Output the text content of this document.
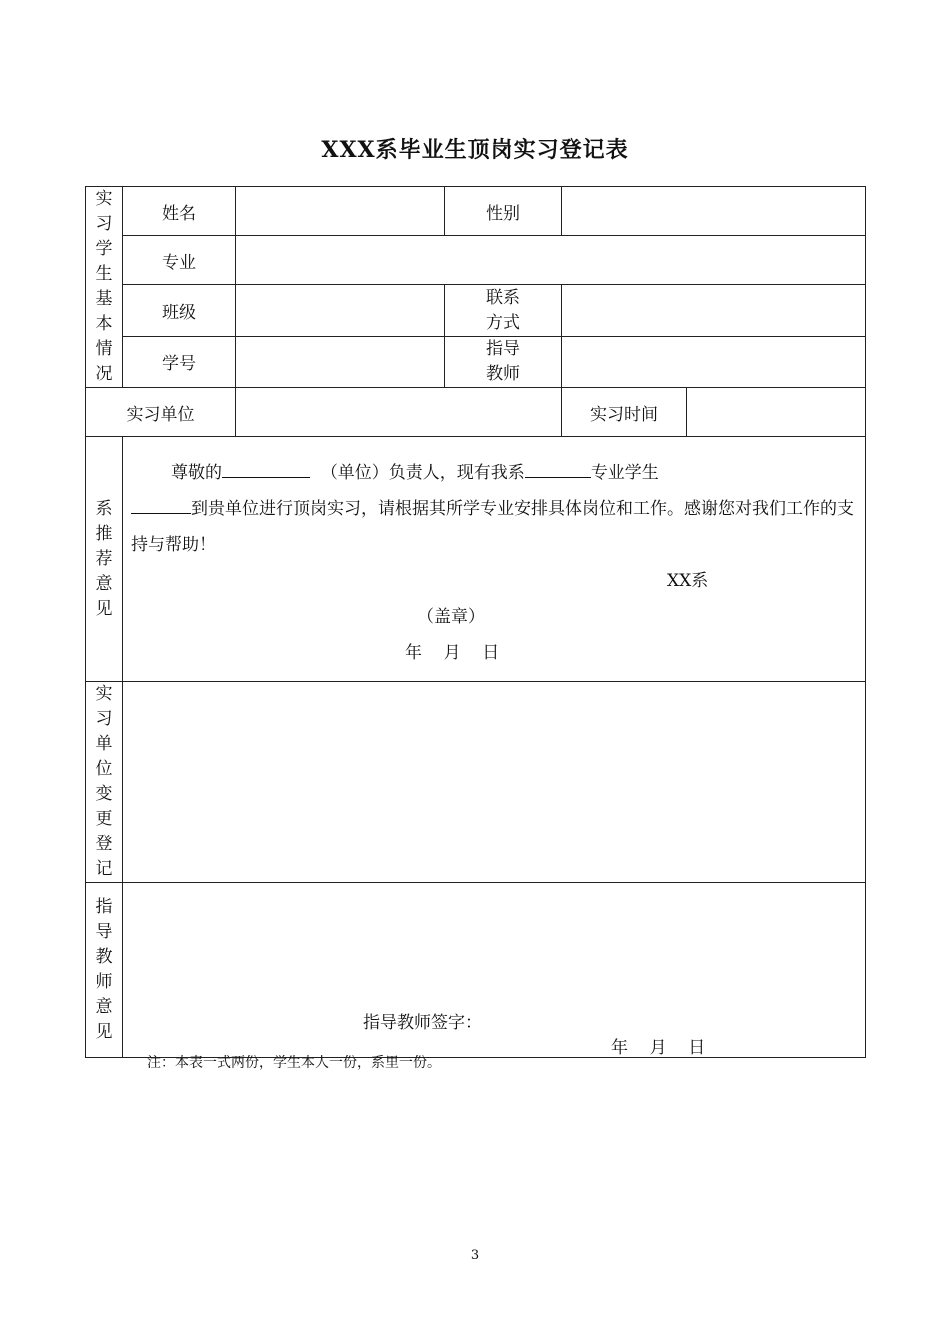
XXX系毕业生顶岗实习登记表
实习学生基本情况	姓名		性别		
	专业				
	班级		联系方式		
	学号		指导教师		
实习单位				实习时间	
系推荐意见	尊敬的 （单位）负责人，现有我系 专业学生

到贵单位进行顶岗实习，请根据其所学专业安排具体岗位和工作。感谢您对我们工作的支持与帮助！

XX系

（盖章）

年    月    日				

实习单位变更登记					
指导教师意见	指导教师签字：
年    月    日				
注：本表一式两份，学生本人一份，系里一份。
3
